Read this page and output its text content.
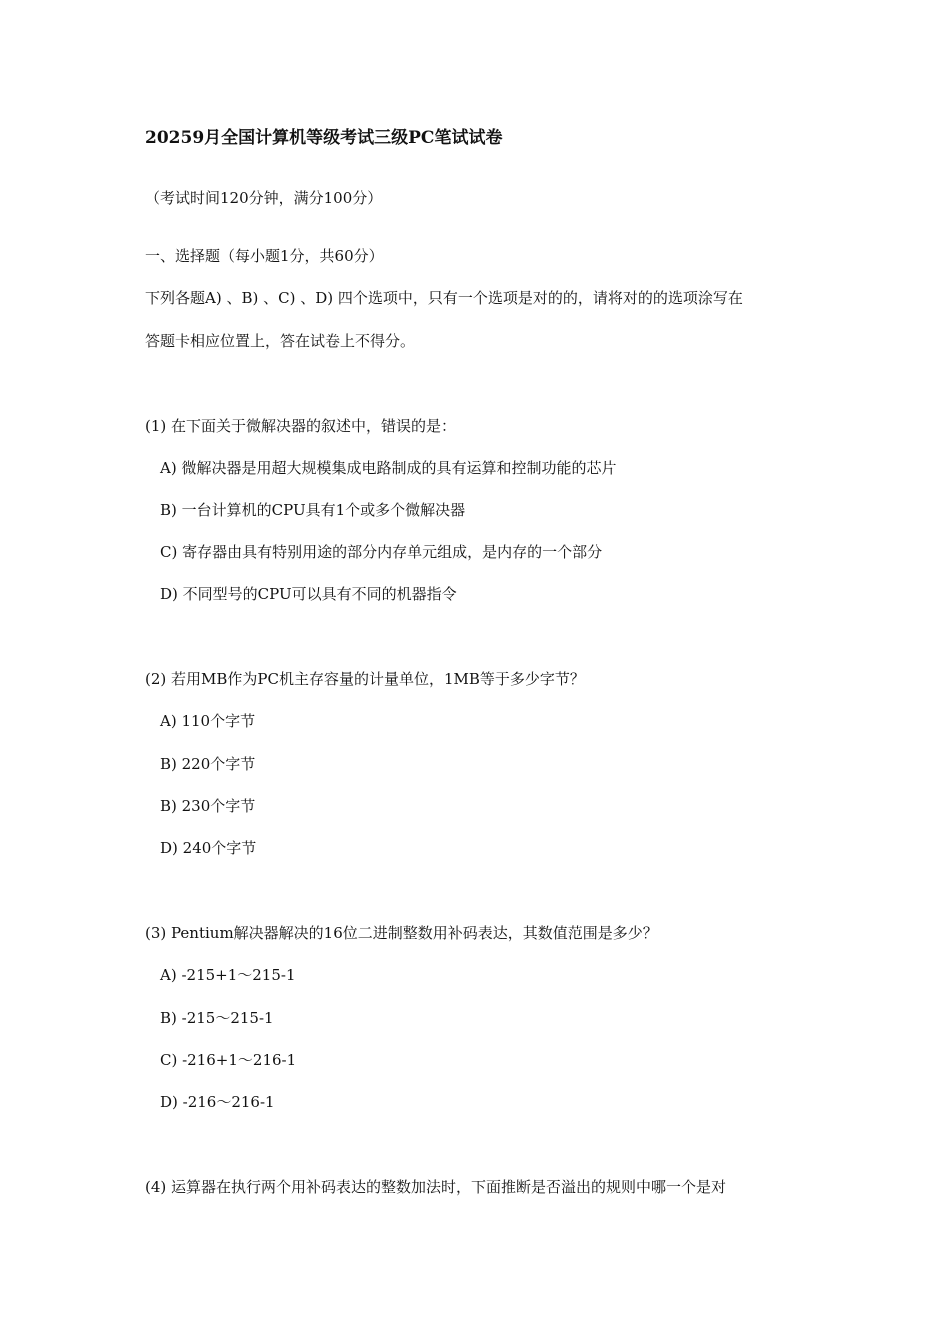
20259月全国计算机等级考试三级PC笔试试卷
（考试时间120分钟，满分100分）
一、选择题（每小题1分，共60分）
下列各题A) 、B) 、C) 、D) 四个选项中，只有一个选项是对的的，请将对的的选项涂写在
答题卡相应位置上，答在试卷上不得分。
(1) 在下面关于微解决器的叙述中，错误的是：
A) 微解决器是用超大规模集成电路制成的具有运算和控制功能的芯片
B) 一台计算机的CPU具有1个或多个微解决器
C) 寄存器由具有特别用途的部分内存单元组成，是内存的一个部分
D) 不同型号的CPU可以具有不同的机器指令
(2) 若用MB作为PC机主存容量的计量单位，1MB等于多少字节？
A) 110个字节
B) 220个字节
B) 230个字节
D) 240个字节
(3) Pentium解决器解决的16位二进制整数用补码表达，其数值范围是多少？
A) -215+1～215-1
B) -215～215-1
C) -216+1～216-1
D) -216～216-1
(4) 运算器在执行两个用补码表达的整数加法时，下面推断是否溢出的规则中哪一个是对
